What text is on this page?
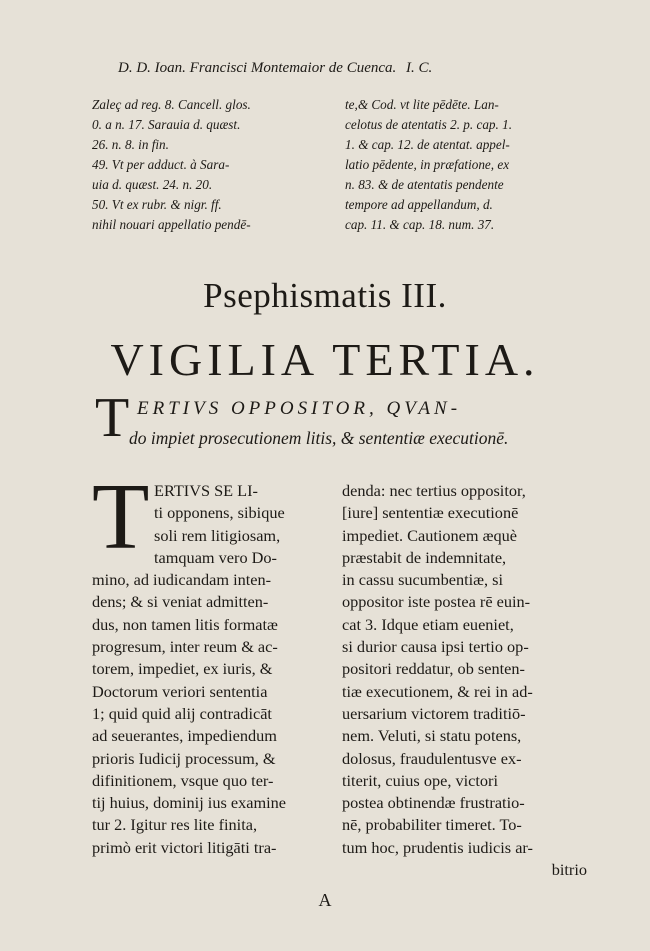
D. D. Ioan. Francisci Montemaior de Cuenca. I. C.
Zaleç ad reg. 8. Cancell. glos.
0. a n. 17. Sarauia d. quæst.
26. n. 8. in fin.
49. Vt per adduct. à Sara-
uia d. quæst. 24. n. 20.
50. Vt ex rubr. & nigr. ff.
nihil nouari appellatio pendē-
te,& Cod. vt lite pēdēte. Lan-
celotus de atentatis 2. p. cap. 1.
1. & cap. 12. de atentat. appel-
latio pēdente, in præfatione, ex
n. 83. & de atentatis pendente
tempore ad appellandum, d.
cap. 11. & cap. 18. num. 37.
Psephismatis III.
VIGILIA TERTIA.
T ERTIVS OPPOSITOR, QVAN-
do impiet prosecutionem litis, & sententiæ executionē.
T ERTIVS SE LI-
ti opponens, sibique
soli rem litigiosam,
tamquam vero Do-
mino, ad iudicandam inten-
dens; & si veniat admitten-
dus, non tamen litis formatæ
progresum, inter reum & ac-
torem, impediet, ex iuris, &
Doctorum veriori sententia
1; quid quid alij contradicāt
ad seuerantes, impediendum
prioris Iudicij processum, &
difinitionem, vsque quo ter-
tij huius, dominij ius examine
tur 2. Igitur res lite finita,
primò erit victori litigāti tra-
denda: nec tertius oppositor,
[iure] sententiæ executionē
impediet. Cautionem æquè
præstabit de indemnitate,
in cassu sucumbentiæ, si
oppositor iste postea rē euin-
cat 3. Idque etiam eueniet,
si durior causa ipsi tertio op-
positori reddatur, ob senten-
tiæ executionem, & rei in ad-
uersarium victorem traditiō-
nem. Veluti, si statu potens,
dolosus, fraudulentusve ex-
titerit, cuius ope, victori
postea obtinendæ frustratio-
nē, probabiliter timeret. To-
tum hoc, prudentis iudicis ar-
bitrio
A
